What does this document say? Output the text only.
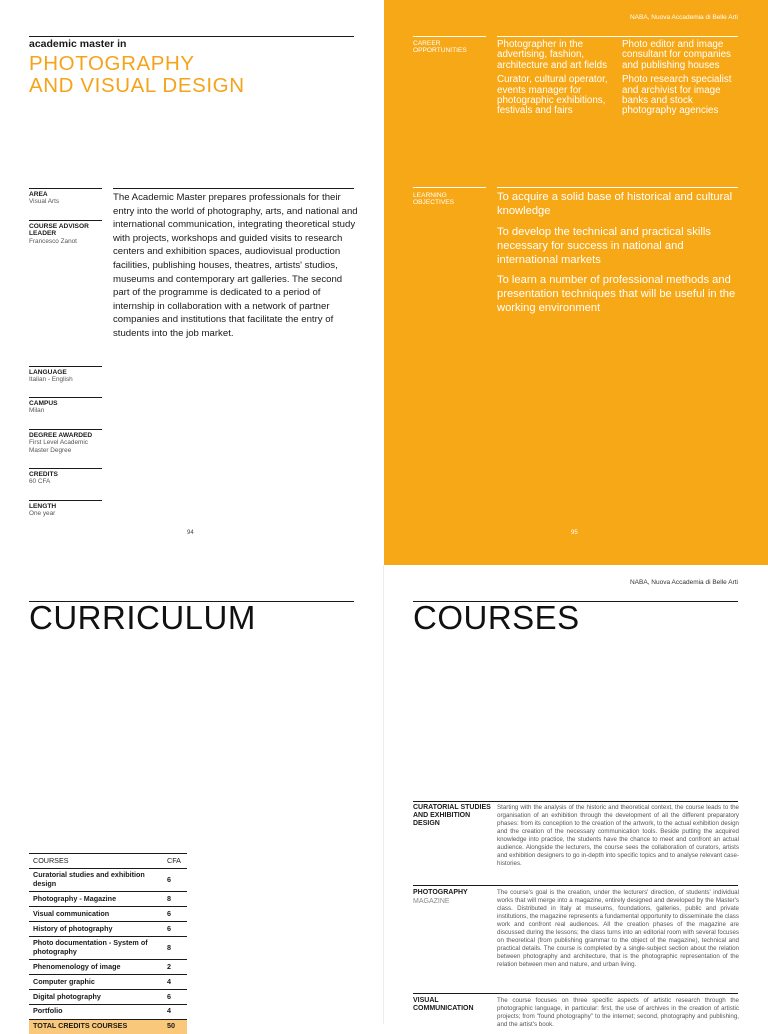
academic master in
PHOTOGRAPHY
AND VISUAL DESIGN
AREA
Visual Arts
COURSE ADVISOR LEADER
Francesco Zanot
LANGUAGE
Italian - English
CAMPUS
Milan
DEGREE AWARDED
First Level Academic Master Degree
CREDITS
60 CFA
LENGTH
One year
The Academic Master prepares professionals for their entry into the world of photography, arts, and national and international communication, integrating theoretical study with projects, workshops and guided visits to research centers and exhibition spaces, audiovisual production facilities, publishing houses, theatres, artists' studios, museums and contemporary art galleries. The second part of the programme is dedicated to a period of internship in collaboration with a network of partner companies and institutions that facilitate the entry of students into the job market.
94
NABA, Nuova Accademia di Belle Arti
CAREER OPPORTUNITIES

Photographer in the advertising, fashion, architecture and art fields

Curator, cultural operator, events manager for photographic exhibitions, festivals and fairs

Photo editor and image consultant for companies and publishing houses

Photo research specialist and archivist for image banks and stock photography agencies

LEARNING OBJECTIVES	To acquire a solid base of historical and cultural knowledge

To develop the technical and practical skills necessary for success in national and international markets

To learn a number of professional methods and presentation techniques that will be useful in the working environment

95
CURRICULUM
COURSES	CFA
Curatorial studies and exhibition design	6
Photography - Magazine	8
Visual communication	6
History of photography	6
Photo documentation - System of photography	8
Phenomenology of image	2
Computer graphic	4
Digital photography	6
Portfolio	4
TOTAL CREDITS COURSES	50
NABA, Nuova Accademia di Belle Arti
COURSES
CURATORIAL STUDIES AND EXHIBITION DESIGN
Starting with the analysis of the historic and theoretical context, the course leads to the organisation of an exhibition through the development of all the different preparatory phases: from its conception to the creation of the artwork, to the actual exhibition design and the creation of the necessary communication tools. Beside putting the acquired knowledge into practice, the students have the chance to meet and confront an actual audience. Alongside the lecturers, the course sees the collaboration of curators, artists and exhibition designers to go in-depth into specific topics and to analyse relevant case-histories.
PHOTOGRAPHY
MAGAZINE
The course's goal is the creation, under the lecturers' direction, of students' individual works that will merge into a magazine, entirely designed and developed by the Master's class. Distributed in Italy at museums, foundations, galleries, public and private institutions, the magazine represents a fundamental opportunity to disseminate the class work and confront real audiences. All the creation phases of the magazine are discussed during the lessons; the class turns into an editorial room with several focuses on theoretical (from publishing grammar to the object of the magazine), technical and practical details. The course is completed by a single-subject section about the relation between photography and architecture, that is the photographic representation of the relation between men and nature, and urban living.
VISUAL COMMUNICATION
The course focuses on three specific aspects of artistic research through the photographic language, in particular: first, the use of archives in the creation of artistic projects; from "found photography" to the internet; second, photography and publishing, and the artist's book.
